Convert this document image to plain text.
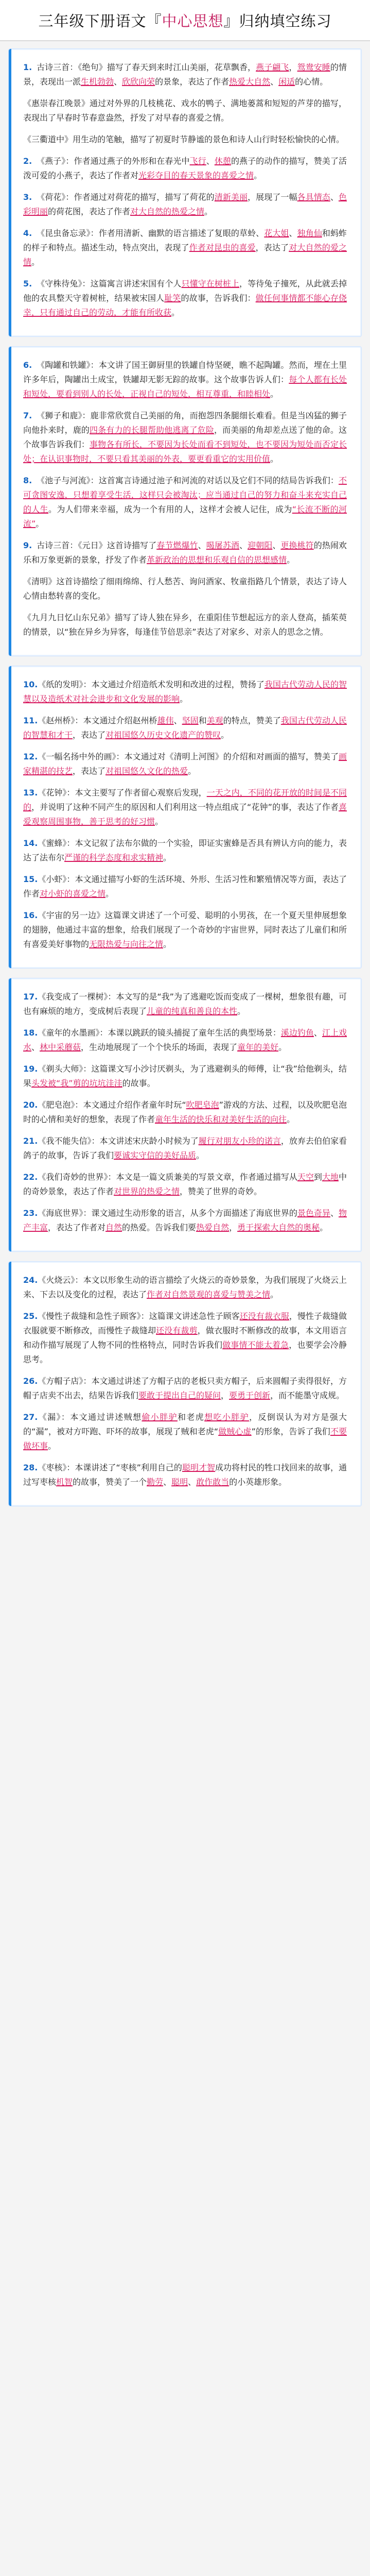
三年级下册语文『中心思想』归纳填空练习

1. 古诗三首：《绝句》描写了春天到来时江山美丽，花草飘香，燕子翩飞，鸳鸯安睡的情景，表现出一派生机勃勃、欣欣向荣的景象，表达了作者热爱大自然、闲适的心情。

《惠崇春江晚景》通过对外界的几枝桃花、戏水的鸭子、满地蒌蒿和短短的芦芽的描写，表现出了早春时节春意盎然，抒发了对早春的喜爱之情。

《三衢道中》用生动的笔触，描写了初夏时节静谧的景色和诗人山行时轻松愉快的心情。

2. 《燕子》：作者通过燕子的外形和在春光中飞行、休憩的燕子的动作的描写，赞美了活泼可爱的小燕子，表达了作者对光彩夺目的春天景象的喜爱之情。

3. 《荷花》：作者通过对荷花的描写，描写了荷花的清新美丽，展现了一幅各具情态、色彩明丽的荷花图，表达了作者对大自然的热爱之情。

4. 《昆虫备忘录》：作者用清新、幽默的语言描述了复眼的草蛉、花大姐、独角仙和蚂蚱的样子和特点。描述生动，特点突出，表现了作者对昆虫的喜爱，表达了对大自然的爱之情。

5. 《守株待兔》：这篇寓言讲述宋国有个人只懂守在树桩上，等待兔子撞死，从此就丢掉他的农具整天守着树桩，结果被宋国人耻笑的故事，告诉我们：做任何事情都不能心存侥幸，只有通过自己的劳动，才能有所收获。

6. 《陶罐和铁罐》：本文讲了国王御厨里的铁罐自恃坚硬，瞧不起陶罐。然而，埋在土里许多年后，陶罐出土成宝，铁罐却无影无踪的故事。这个故事告诉人们：每个人都有长处和短处，要看到别人的长处，正视自己的短处，相互尊重，和睦相处。

7. 《狮子和鹿》：鹿非常欣赏自己美丽的角，而抱怨四条腿细长难看。但是当凶猛的狮子向他扑来时，鹿的四条有力的长腿帮助他逃离了危险，而美丽的角却差点送了他的命。这个故事告诉我们：事物各有所长，不要因为长处而看不到短处，也不要因为短处而否定长处；在认识事物时，不要只看其美丽的外表，要更看重它的实用价值。

8. 《池子与河流》：这首寓言诗通过池子和河流的对话以及它们不同的结局告诉我们：不可贪图安逸，只想着享受生活，这样只会被淘汰；应当通过自己的努力和奋斗来充实自己的人生。为人们带来幸福，成为一个有用的人，这样才会被人记住，成为“长流不断的河流”。

9. 古诗三首：《元日》这首诗描写了春节燃爆竹、喝屠苏酒、迎朝阳、更换桃符的热闹欢乐和万象更新的景象，抒发了作者革新政治的思想和乐观自信的思想感情。

《清明》这首诗描绘了细雨绵绵、行人愁苦、询问酒家、牧童指路几个情景，表达了诗人心情由愁转喜的变化。

《九月九日忆山东兄弟》描写了诗人独在异乡，在重阳佳节想起远方的亲人登高，插茱萸的情景，以“独在异乡为异客，每逢佳节倍思亲”表达了对家乡、对亲人的思念之情。

10.《纸的发明》：本文通过介绍造纸术发明和改进的过程，赞扬了我国古代劳动人民的智慧以及造纸术对社会进步和文化发展的影响。

11.《赵州桥》：本文通过介绍赵州桥雄伟、坚固和美观的特点，赞美了我国古代劳动人民的智慧和才干，表达了对祖国悠久历史文化遗产的赞叹。

12.《一幅名扬中外的画》：本文通过对《清明上河图》的介绍和对画面的描写，赞美了画家精湛的技艺，表达了对祖国悠久文化的热爱。

13.《花钟》：本文主要写了作者留心观察后发现，一天之内，不同的花开放的时间是不同的，并说明了这种不同产生的原因和人们利用这一特点组成了“花钟”的事，表达了作者喜爱观察周围事物，善于思考的好习惯。

14.《蜜蜂》：本文记叙了法布尔做的一个实验，即证实蜜蜂是否具有辨认方向的能力，表达了法布尔严谨的科学态度和求实精神。

15.《小虾》：本文通过描写小虾的生活环境、外形、生活习性和繁殖情况等方面，表达了作者对小虾的喜爱之情。

16.《宇宙的另一边》这篇课文讲述了一个可爱、聪明的小男孩，在一个夏天里伸展想象的翅膀，他通过丰富的想象，给我们展现了一个奇妙的宇宙世界，同时表达了儿童们和所有喜爱美好事物的无限热爱与向往之情。

17.《我变成了一棵树》：本文写的是“我”为了逃避吃饭而变成了一棵树，想象很有趣，可也有麻烦的地方，变成树后表现了儿童的纯真和善良的本性。

18.《童年的水墨画》：本课以跳跃的镜头捕捉了童年生活的典型场景：溪边钓鱼、江上戏水、林中采蘑菇，生动地展现了一个个快乐的场面，表现了童年的美好。

19.《剃头大师》：这篇课文写小沙讨厌剃头，为了逃避剃头的师傅，让“我”给他剃头，结果头发被“我”剪的坑坑洼洼的故事。

20.《肥皂泡》：本文通过介绍作者童年时玩“吹肥皂泡”游戏的方法、过程，以及吹肥皂泡时的心情和美好的想象，表现了作者童年生活的快乐和对美好生活的向往。

21.《我不能失信》：本文讲述宋庆龄小时候为了履行对朋友小珍的诺言，放弃去伯伯家看鸽子的故事，告诉了我们要诚实守信的美好品质。

22.《我们奇妙的世界》：本文是一篇文质兼美的写景文章，作者通过描写从天空到大地中的奇妙景象，表达了作者对世界的热爱之情，赞美了世界的奇妙。

23.《海底世界》：课文通过生动形象的语言，从多个方面描述了海底世界的景色奇异、物产丰富，表达了作者对自然的热爱。告诉我们要热爱自然，勇于探索大自然的奥秘。

24.《火烧云》：本文以形象生动的语言描绘了火烧云的奇妙景象，为我们展现了火烧云上来、下去以及变化的过程，表达了作者对自然景观的喜爱与赞美之情。

25.《慢性子裁缝和急性子顾客》：这篇课文讲述急性子顾客还没有裁衣服，慢性子裁缝做衣服就要不断修改，而慢性子裁缝却还没有裁剪，做衣服时不断修改的故事，本文用语言和动作描写展现了人物不同的性格特点，同时告诉我们做事情不能太着急，也要学会冷静思考。

26.《方帽子店》：本文通过讲述了方帽子店的老板只卖方帽子，后来圆帽子卖得很好，方帽子店卖不出去，结果告诉我们要敢于提出自己的疑问，要勇于创新，而不能墨守成规。

27.《漏》：本文通过讲述贼想偷小胖驴和老虎想吃小胖驴，反倒误认为对方是强大的“漏”，被对方吓跑、吓坏的故事，展现了贼和老虎“做贼心虚”的形象，告诉了我们不要做坏事。

28.《枣核》：本课讲述了“枣核”利用自己的聪明才智成功将村民的牲口找回来的故事，通过写枣核机智的故事，赞美了一个勤劳、聪明、敢作敢当的小英雄形象。
